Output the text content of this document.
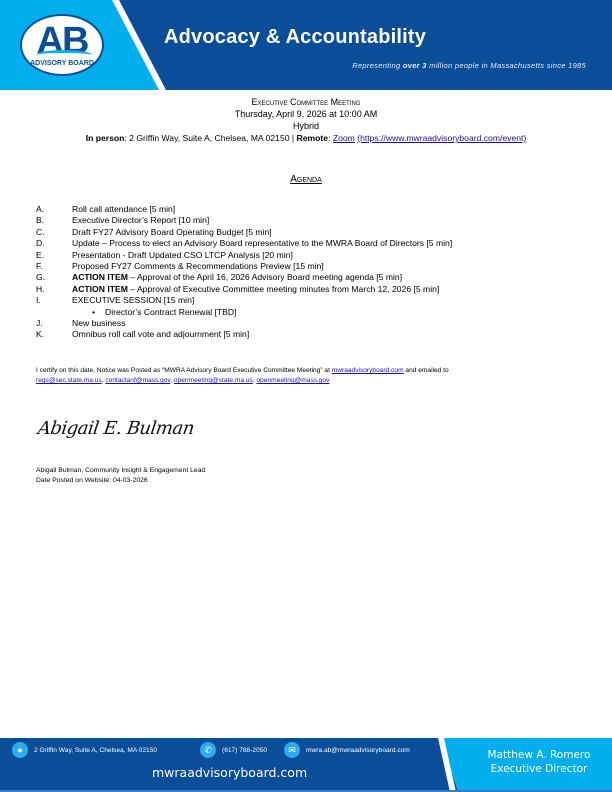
AB
ADVISORY BOARD
Advocacy & Accountability
Representing over 3 million people in Massachusetts since 1985
Executive Committee Meeting
Thursday, April 9, 2026 at 10:00 AM
Hybrid
In person: 2 Griffin Way, Suite A, Chelsea, MA 02150 | Remote: Zoom (https://www.mwraadvisoryboard.com/event)
Agenda
A.	Roll call attendance [5 min]
B.	Executive Director’s Report [10 min]
C.	Draft FY27 Advisory Board Operating Budget [5 min]
D.	Update – Process to elect an Advisory Board representative to the MWRA Board of Directors [5 min]
E.	Presentation - Draft Updated CSO LTCP Analysis [20 min]
F.	Proposed FY27 Comments & Recommendations Preview [15 min]
G.	ACTION ITEM – Approval of the April 16, 2026 Advisory Board meeting agenda [5 min]
H.	ACTION ITEM – Approval of Executive Committee meeting minutes from March 12, 2026 [5 min]
I.	EXECUTIVE SESSION [15 min]
•	Director’s Contract Renewal [TBD]
J.	New business
K.	Omnibus roll call vote and adjournment [5 min]
I certify on this date, Notice was Posted as “MWRA Advisory Board Executive Committee Meeting” at mwraadvisoryboard.com and emailed to
regs@sec.state.ma.us, contactanf@mass.gov, openmeeting@state.ma.us, openmeeting@mass.gov
Abigail E. Bulman
Abigail Bulman, Community Insight & Engagement Lead
Date Posted on Website: 04-03-2026
●	2 Griffin Way, Suite A, Chelsea, MA 02150	✆	(617) 788-2050	✉	mwra.ab@mwraadvisoryboard.com
mwraadvisoryboard.com
Matthew A. Romero
Executive Director
